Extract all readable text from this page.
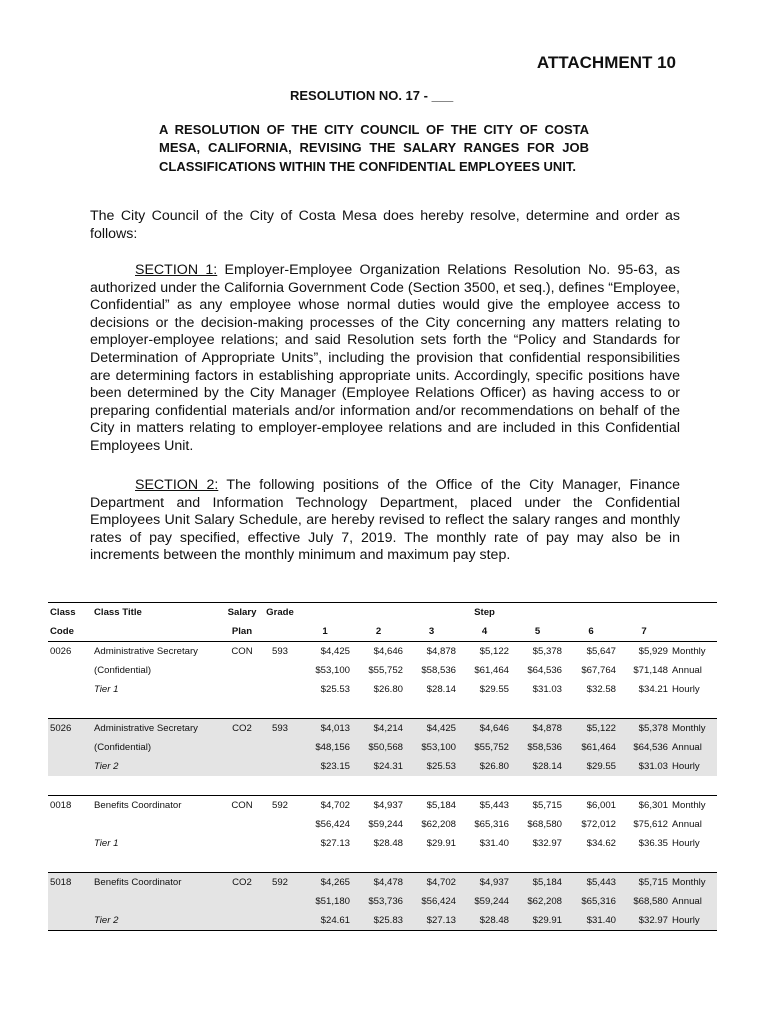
ATTACHMENT 10
RESOLUTION NO. 17 - ___
A RESOLUTION OF THE CITY COUNCIL OF THE CITY OF COSTA MESA, CALIFORNIA, REVISING THE SALARY RANGES FOR JOB CLASSIFICATIONS WITHIN THE CONFIDENTIAL EMPLOYEES UNIT.
The City Council of the City of Costa Mesa does hereby resolve, determine and order as follows:
SECTION 1: Employer-Employee Organization Relations Resolution No. 95-63, as authorized under the California Government Code (Section 3500, et seq.), defines “Employee, Confidential” as any employee whose normal duties would give the employee access to decisions or the decision-making processes of the City concerning any matters relating to employer-employee relations; and said Resolution sets forth the “Policy and Standards for Determination of Appropriate Units”, including the provision that confidential responsibilities are determining factors in establishing appropriate units. Accordingly, specific positions have been determined by the City Manager (Employee Relations Officer) as having access to or preparing confidential materials and/or information and/or recommendations on behalf of the City in matters relating to employer-employee relations and are included in this Confidential Employees Unit.
SECTION 2: The following positions of the Office of the City Manager, Finance Department and Information Technology Department, placed under the Confidential Employees Unit Salary Schedule, are hereby revised to reflect the salary ranges and monthly rates of pay specified, effective July 7, 2019. The monthly rate of pay may also be in increments between the monthly minimum and maximum pay step.
Class	Class Title	Salary	Grade				Step				
Code		Plan		1	2	3	4	5	6	7	
0026	Administrative Secretary	CON	593	$4,425	$4,646	$4,878	$5,122	$5,378	$5,647	$5,929	Monthly
	(Confidential)			$53,100	$55,752	$58,536	$61,464	$64,536	$67,764	$71,148	Annual
	Tier 1			$25.53	$26.80	$28.14	$29.55	$31.03	$32.58	$34.21	Hourly

5026	Administrative Secretary	CO2	593	$4,013	$4,214	$4,425	$4,646	$4,878	$5,122	$5,378	Monthly
	(Confidential)			$48,156	$50,568	$53,100	$55,752	$58,536	$61,464	$64,536	Annual
	Tier 2			$23.15	$24.31	$25.53	$26.80	$28.14	$29.55	$31.03	Hourly

0018	Benefits Coordinator	CON	592	$4,702	$4,937	$5,184	$5,443	$5,715	$6,001	$6,301	Monthly
				$56,424	$59,244	$62,208	$65,316	$68,580	$72,012	$75,612	Annual
	Tier 1			$27.13	$28.48	$29.91	$31.40	$32.97	$34.62	$36.35	Hourly

5018	Benefits Coordinator	CO2	592	$4,265	$4,478	$4,702	$4,937	$5,184	$5,443	$5,715	Monthly
				$51,180	$53,736	$56,424	$59,244	$62,208	$65,316	$68,580	Annual
	Tier 2			$24.61	$25.83	$27.13	$28.48	$29.91	$31.40	$32.97	Hourly
